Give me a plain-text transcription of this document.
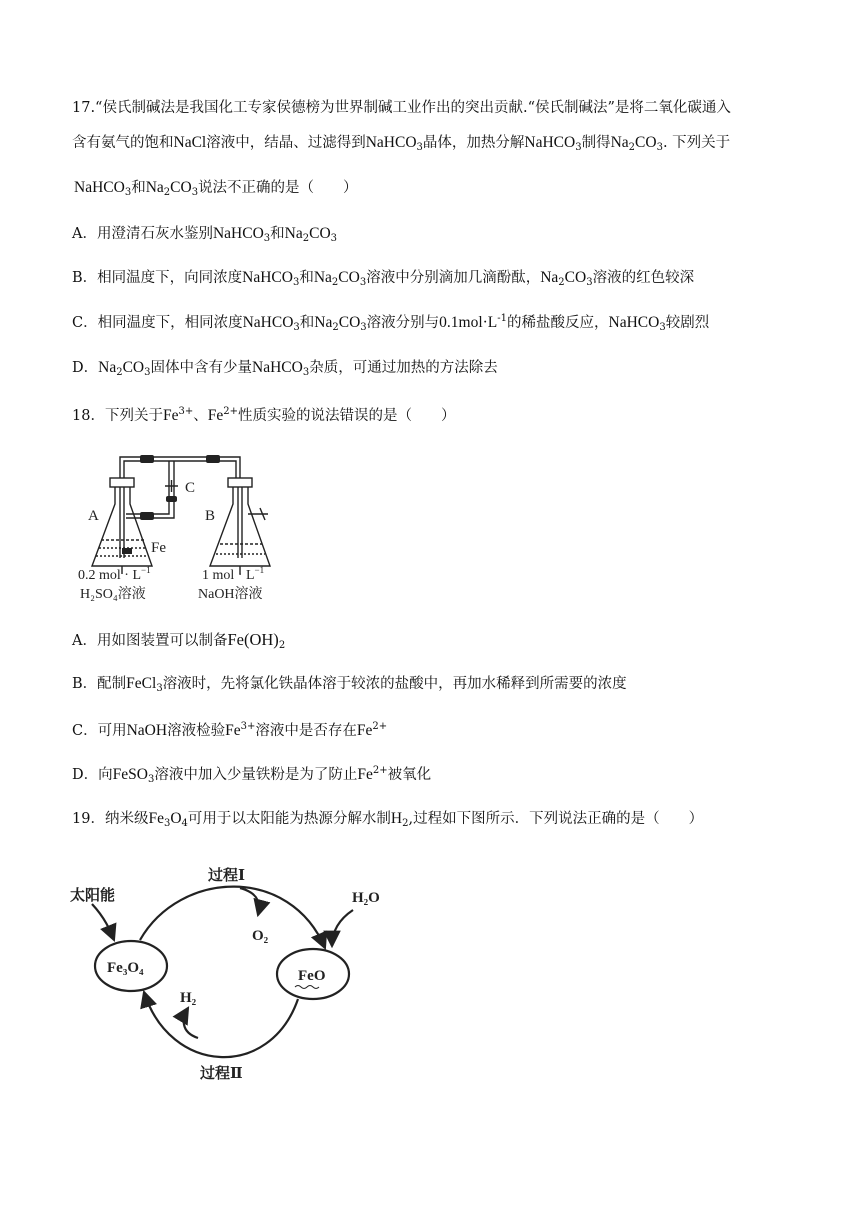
17.“侯氏制碱法是我国化工专家侯德榜为世界制碱工业作出的突出贡献.“侯氏制碱法”是将二氧化碳通入
含有氨气的饱和NaCl溶液中，结晶、过滤得到NaHCO$_3$晶体，加热分解NaHCO$_3$制得$Na_2CO_3$. 下列关于
NaHCO$_3$和$Na_2CO_3$说法不正确的是（　　）
A．用澄清石灰水鉴别NaHCO$_3$和$Na_2CO_3$
B．相同温度下，向同浓度NaHCO$_3$和$Na_2CO_3$溶液中分别滴加几滴酚酞，$Na_2CO_3$溶液的红色较深
C．相同温度下，相同浓度NaHCO$_3$和$Na_2CO_3$溶液分别与$0.1mol\cdot L^{-1}$的稀盐酸反应，NaHCO$_3$较剧烈
D．$Na_2CO_3$固体中含有少量NaHCO$_3$杂质，可通过加热的方法除去
18．下列关于$Fe^{3+}$、$Fe^{2+}$性质实验的说法错误的是（　　）
A	B
C
Fe
0.2 mol · $L^{-1}$
H₂SO₄溶液
1 mol · $L^{-1}$
NaOH溶液
A．用如图装置可以制备$Fe(OH)_2$
B．配制FeCl$_3$溶液时，先将氯化铁晶体溶于较浓的盐酸中，再加水稀释到所需要的浓度
C．可用NaOH溶液检验$Fe^{3+}$溶液中是否存在$Fe^{2+}$
D．向FeSO$_3$溶液中加入少量铁粉是为了防止$Fe^{2+}$被氧化
19．纳米级$Fe_3O_4$可用于以太阳能为热源分解水制$H_2$,过程如下图所示．下列说法正确的是（　　）
太阳能
过程Ⅰ
过程Ⅱ
O₂
H₂O
H₂
Fe₃O₄	FeO
